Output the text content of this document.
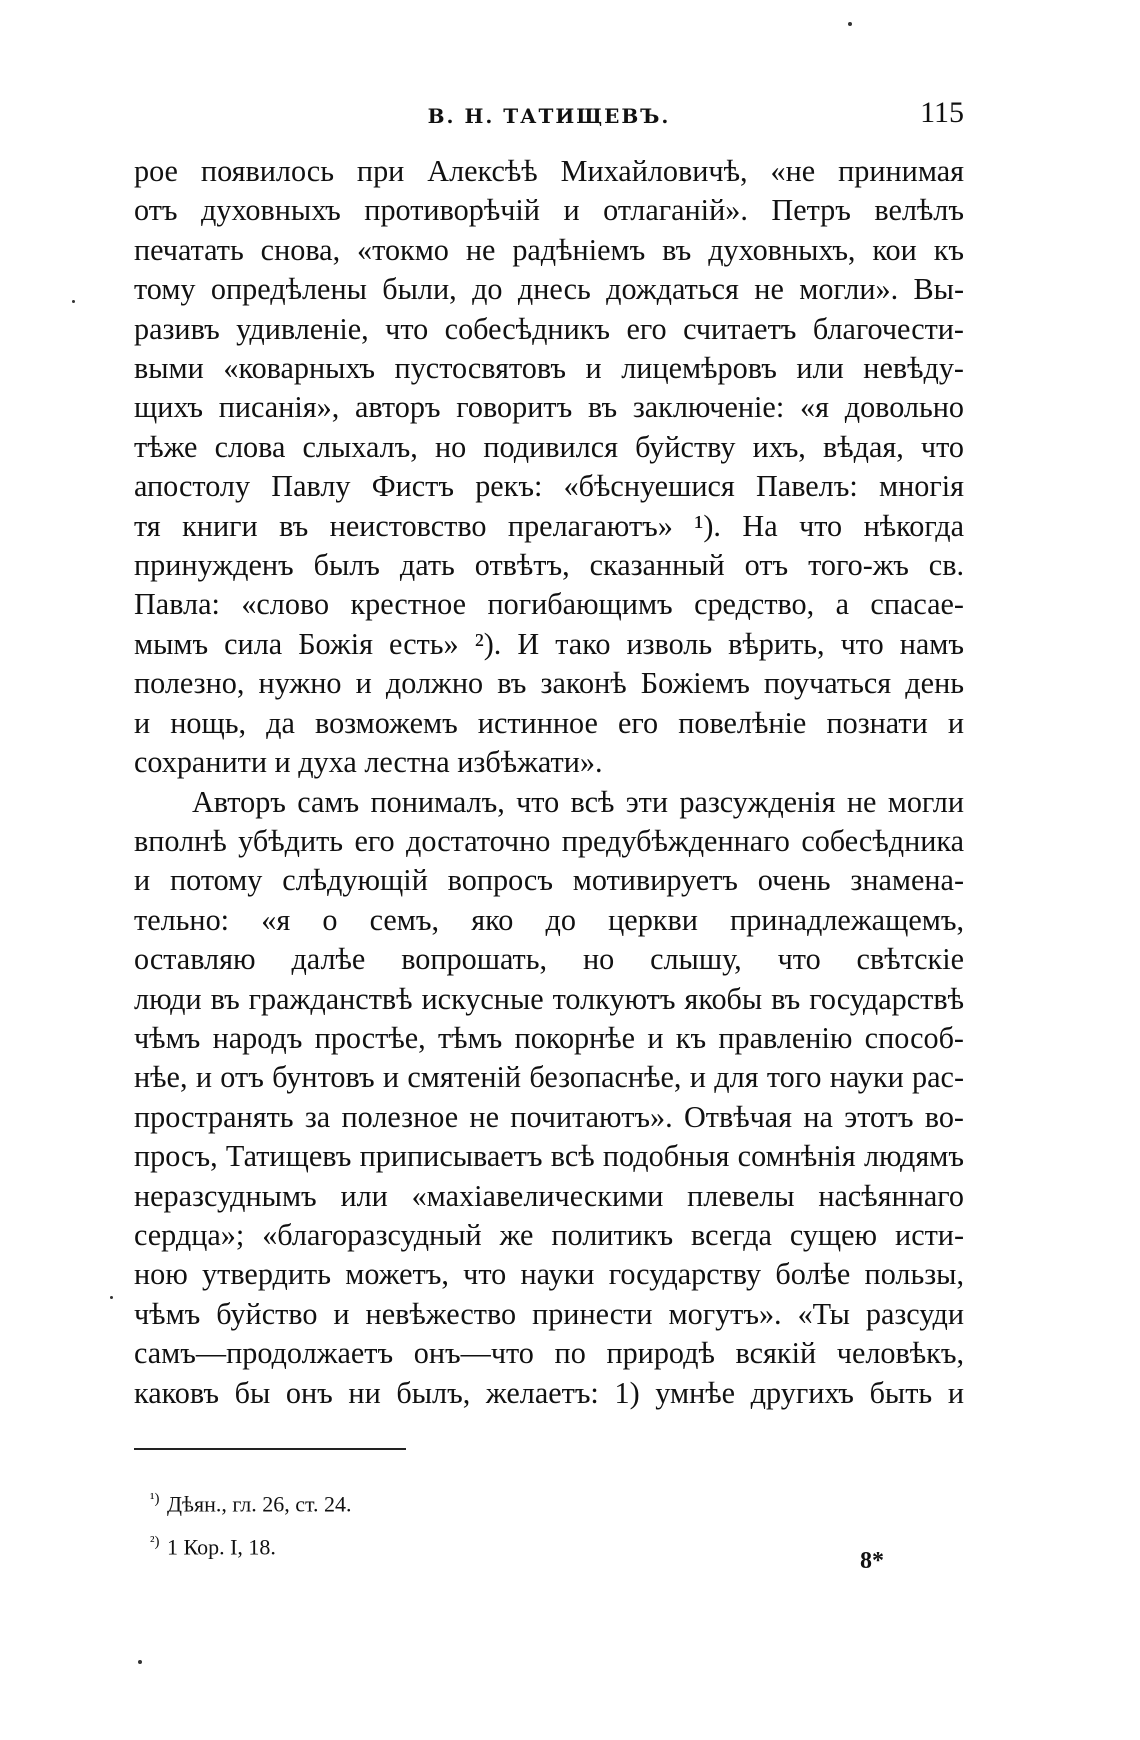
В. Н. ТАТИЩЕВЪ.	115
рое появилось при Алексѣѣ Михайловичѣ, «не принимая
отъ духовныхъ противорѣчій и отлаганій». Петръ велѣлъ
печатать снова, «токмо не радѣніемъ въ духовныхъ, кои къ
тому опредѣлены были, до днесь дождаться не могли». Вы-
разивъ удивленіе, что собесѣдникъ его считаетъ благочести-
выми «коварныхъ пустосвятовъ и лицемѣровъ или невѣду-
щихъ писанія», авторъ говоритъ въ заключеніе: «я довольно
тѣже слова слыхалъ, но подивился буйству ихъ, вѣдая, что
апостолу Павлу Фистъ рекъ: «бѣснуешися Павелъ: многія
тя книги въ неистовство прелагаютъ» ¹). На что нѣкогда
принужденъ былъ дать отвѣтъ, сказанный отъ того-жъ св.
Павла: «слово крестное погибающимъ средство, а спасае-
мымъ сила Божія есть» ²). И тако изволь вѣрить, что намъ
полезно, нужно и должно въ законѣ Божіемъ поучаться день
и нощь, да возможемъ истинное его повелѣніе познати и
сохранити и духа лестна избѣжати».
Авторъ самъ понималъ, что всѣ эти разсужденія не могли
вполнѣ убѣдить его достаточно предубѣжденнаго собесѣдника
и потому слѣдующій вопросъ мотивируетъ очень знамена-
тельно: «я о семъ, яко до церкви принадлежащемъ,
оставляю далѣе вопрошать, но слышу, что свѣтскіе
люди въ гражданствѣ искусные толкуютъ якобы въ государствѣ
чѣмъ народъ простѣе, тѣмъ покорнѣе и къ правленію способ-
нѣе, и отъ бунтовъ и смятеній безопаснѣе, и для того науки рас-
пространять за полезное не почитаютъ». Отвѣчая на этотъ во-
просъ, Татищевъ приписываетъ всѣ подобныя сомнѣнія людямъ
неразсуднымъ или «махіавелическими плевелы насѣяннаго
сердца»; «благоразсудный же политикъ всегда сущею исти-
ною утвердить можетъ, что науки государству болѣе пользы,
чѣмъ буйство и невѣжество принести могутъ». «Ты разсуди
самъ—продолжаетъ онъ—что по природѣ всякій человѣкъ,
каковъ бы онъ ни былъ, желаетъ: 1) умнѣе другихъ быть и
$^{^1)}$ Дѣян., гл. 26, ст. 24.
$^{^2)}$ 1 Кор. I, 18.
8*
